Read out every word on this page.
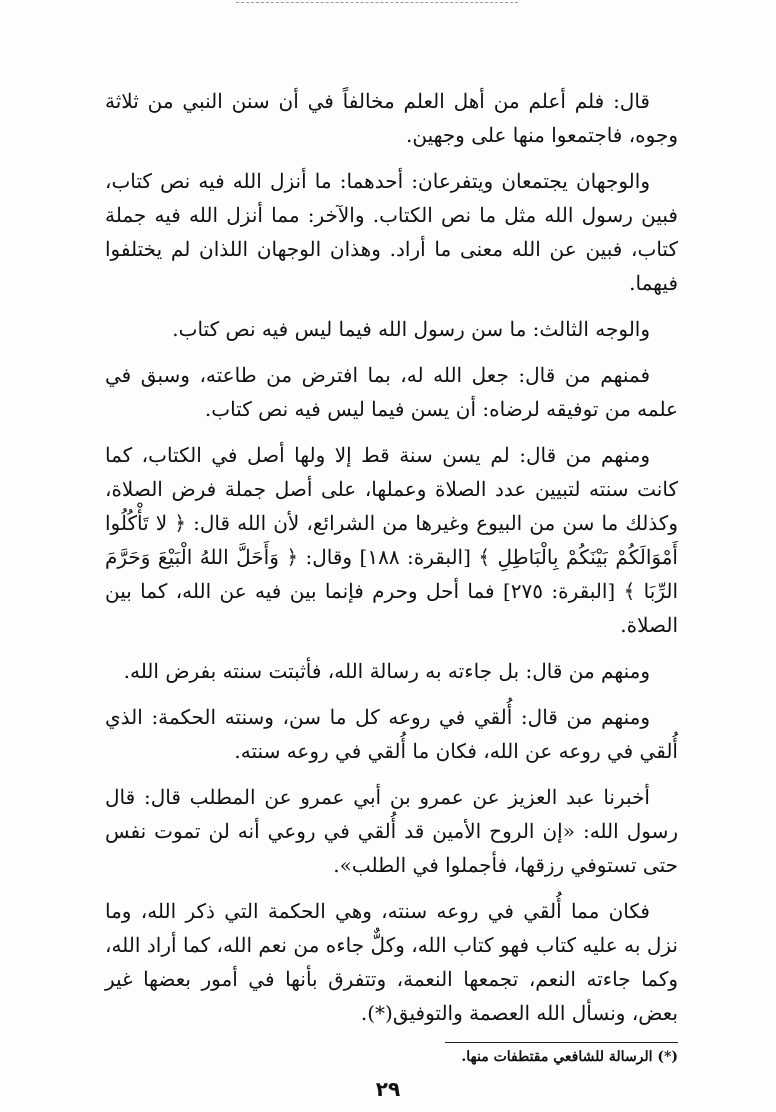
قال: فلم أعلم من أهل العلم مخالفاً في أن سنن النبي من ثلاثة وجوه، فاجتمعوا منها على وجهين.

والوجهان يجتمعان ويتفرعان: أحدهما: ما أنزل الله فيه نص كتاب، فبين رسول الله مثل ما نص الكتاب. والآخر: مما أنزل الله فيه جملة كتاب، فبين عن الله معنى ما أراد. وهذان الوجهان اللذان لم يختلفوا فيهما.

والوجه الثالث: ما سن رسول الله فيما ليس فيه نص كتاب.

فمنهم من قال: جعل الله له، بما افترض من طاعته، وسبق في علمه من توفيقه لرضاه: أن يسن فيما ليس فيه نص كتاب.

ومنهم من قال: لم يسن سنة قط إلا ولها أصل في الكتاب، كما كانت سنته لتبيين عدد الصلاة وعملها، على أصل جملة فرض الصلاة، وكذلك ما سن من البيوع وغيرها من الشرائع، لأن الله قال: ﴿ لا تَأْكُلُوا أَمْوَالَكُمْ بَيْنَكُمْ بِالْبَاطِلِ ﴾ [البقرة: ١٨٨] وقال: ﴿ وَأَحَلَّ اللهُ الْبَيْعَ وَحَرَّمَ الرِّبَا ﴾ [البقرة: ٢٧٥] فما أحل وحرم فإنما بين فيه عن الله، كما بين الصلاة.

ومنهم من قال: بل جاءته به رسالة الله، فأثبتت سنته بفرض الله.

ومنهم من قال: أُلقي في روعه كل ما سن، وسنته الحكمة: الذي أُلقي في روعه عن الله، فكان ما أُلقي في روعه سنته.

أخبرنا عبد العزيز عن عمرو بن أبي عمرو عن المطلب قال: قال رسول الله: «إن الروح الأمين قد أُلقي في روعي أنه لن تموت نفس حتى تستوفي رزقها، فأجملوا في الطلب».

فكان مما أُلقي في روعه سنته، وهي الحكمة التي ذكر الله، وما نزل به عليه كتاب فهو كتاب الله، وكلٌّ جاءه من نعم الله، كما أراد الله، وكما جاءته النعم، تجمعها النعمة، وتتفرق بأنها في أمور بعضها غير بعض، ونسأل الله العصمة والتوفيق(*).

(*) الرسالة للشافعي مقتطفات منها.
٢٩
